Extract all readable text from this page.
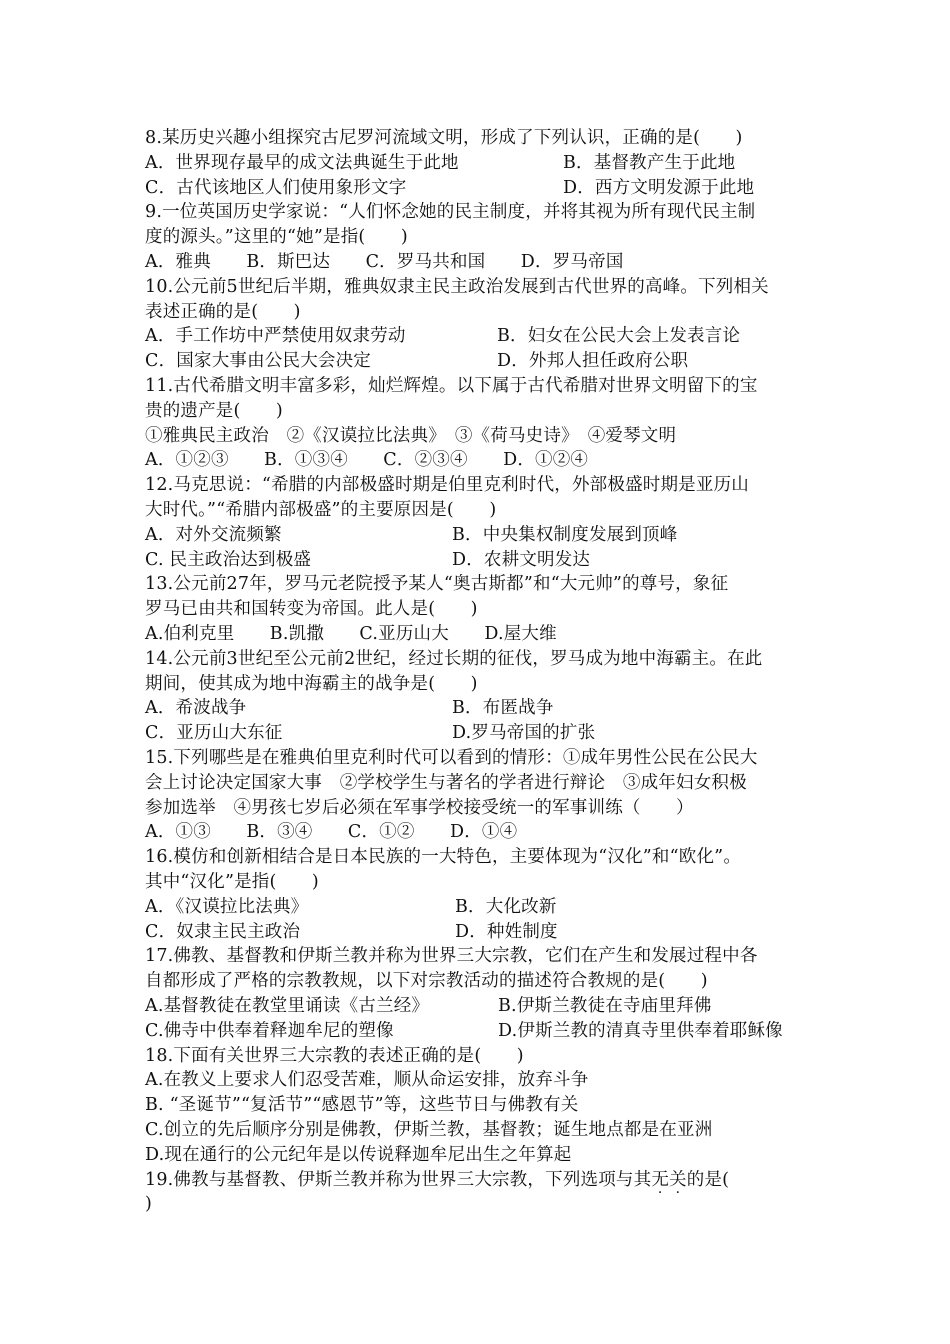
8.某历史兴趣小组探究古尼罗河流域文明，形成了下列认识，正确的是(　　)
A．世界现存最早的成文法典诞生于此地	B．基督教产生于此地
C．古代该地区人们使用象形文字	D．西方文明发源于此地
9.一位英国历史学家说：“人们怀念她的民主制度，并将其视为所有现代民主制
度的源头。”这里的“她”是指(　　)
A．雅典　　B．斯巴达　　C．罗马共和国　　D．罗马帝国
10.公元前5世纪后半期，雅典奴隶主民主政治发展到古代世界的高峰。下列相关
表述正确的是(　　)
A．手工作坊中严禁使用奴隶劳动	B．妇女在公民大会上发表言论
C．国家大事由公民大会决定	D．外邦人担任政府公职
11.古代希腊文明丰富多彩，灿烂辉煌。以下属于古代希腊对世界文明留下的宝
贵的遗产是(　　)
①雅典民主政治　②《汉谟拉比法典》　③《荷马史诗》　④爱琴文明
A．①②③　　B．①③④　　C．②③④　　D．①②④
12.马克思说：“希腊的内部极盛时期是伯里克利时代，外部极盛时期是亚历山
大时代。”“希腊内部极盛”的主要原因是(　　)
A．对外交流频繁	B．中央集权制度发展到顶峰
C. 民主政治达到极盛	D．农耕文明发达
13.公元前27年，罗马元老院授予某人“奥古斯都”和“大元帅”的尊号，象征
罗马已由共和国转变为帝国。此人是(　　)
A.伯利克里　　B.凯撒　　C.亚历山大　　D.屋大维
14.公元前3世纪至公元前2世纪，经过长期的征伐，罗马成为地中海霸主。在此
期间，使其成为地中海霸主的战争是(　　)
A．希波战争	B．布匿战争
C．亚历山大东征	D.罗马帝国的扩张
15.下列哪些是在雅典伯里克利时代可以看到的情形：①成年男性公民在公民大
会上讨论决定国家大事　②学校学生与著名的学者进行辩论　③成年妇女积极
参加选举　④男孩七岁后必须在军事学校接受统一的军事训练（　　）
A．①③　　B．③④　　C．①②　　D．①④
16.模仿和创新相结合是日本民族的一大特色，主要体现为“汉化”和“欧化”。
其中“汉化”是指(　　)
A．《汉谟拉比法典》	B．大化改新
C．奴隶主民主政治	D．种姓制度
17.佛教、基督教和伊斯兰教并称为世界三大宗教，它们在产生和发展过程中各
自都形成了严格的宗教教规，以下对宗教活动的描述符合教规的是(　　)
A.基督教徒在教堂里诵读《古兰经》	B.伊斯兰教徒在寺庙里拜佛
C.佛寺中供奉着释迦牟尼的塑像	D.伊斯兰教的清真寺里供奉着耶稣像
18.下面有关世界三大宗教的表述正确的是(　　)
A.在教义上要求人们忍受苦难，顺从命运安排，放弃斗争
B. “圣诞节”“复活节”“感恩节”等，这些节日与佛教有关
C.创立的先后顺序分别是佛教，伊斯兰教，基督教；诞生地点都是在亚洲
D.现在通行的公元纪年是以传说释迦牟尼出生之年算起
19.佛教与基督教、伊斯兰教并称为世界三大宗教，下列选项与其无关的是(
)
